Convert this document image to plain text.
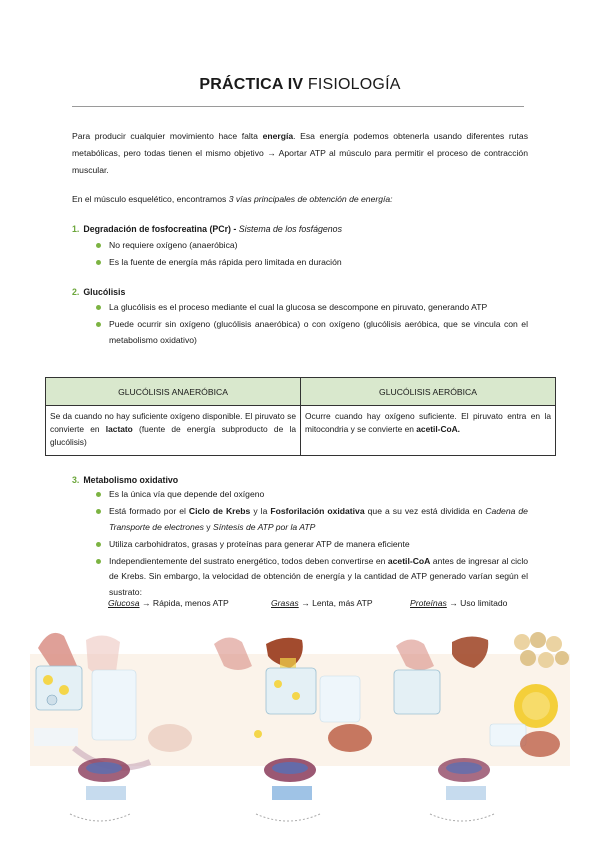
PRÁCTICA IV FISIOLOGÍA
Para producir cualquier movimiento hace falta energía. Esa energía podemos obtenerla usando diferentes rutas metabólicas, pero todas tienen el mismo objetivo → Aportar ATP al músculo para permitir el proceso de contracción muscular.
En el músculo esquelético, encontramos 3 vías principales de obtención de energía:
1. Degradación de fosfocreatina (PCr) - Sistema de los fosfágenos
No requiere oxígeno (anaeróbica)
Es la fuente de energía más rápida pero limitada en duración
2. Glucólisis
La glucólisis es el proceso mediante el cual la glucosa se descompone en piruvato, generando ATP
Puede ocurrir sin oxígeno (glucólisis anaeróbica) o con oxígeno (glucólisis aeróbica, que se vincula con el metabolismo oxidativo)
GLUCÓLISIS ANAERÓBICA	GLUCÓLISIS AERÓBICA
Se da cuando no hay suficiente oxígeno disponible. El piruvato se convierte en lactato (fuente de energía subproducto de la glucólisis)	Ocurre cuando hay oxígeno suficiente. El piruvato entra en la mitocondria y se convierte en acetil-CoA.
3. Metabolismo oxidativo
Es la única vía que depende del oxígeno
Está formado por el Ciclo de Krebs y la Fosforilación oxidativa que a su vez está dividida en Cadena de Transporte de electrones y Síntesis de ATP por la ATP
Utiliza carbohidratos, grasas y proteínas para generar ATP de manera eficiente
Independientemente del sustrato energético, todos deben convertirse en acetil-CoA antes de ingresar al ciclo de Krebs. Sin embargo, la velocidad de obtención de energía y la cantidad de ATP generado varían según el sustrato:
Glucosa → Rápida, menos ATP	Grasas → Lenta, más ATP	Proteínas → Uso limitado
